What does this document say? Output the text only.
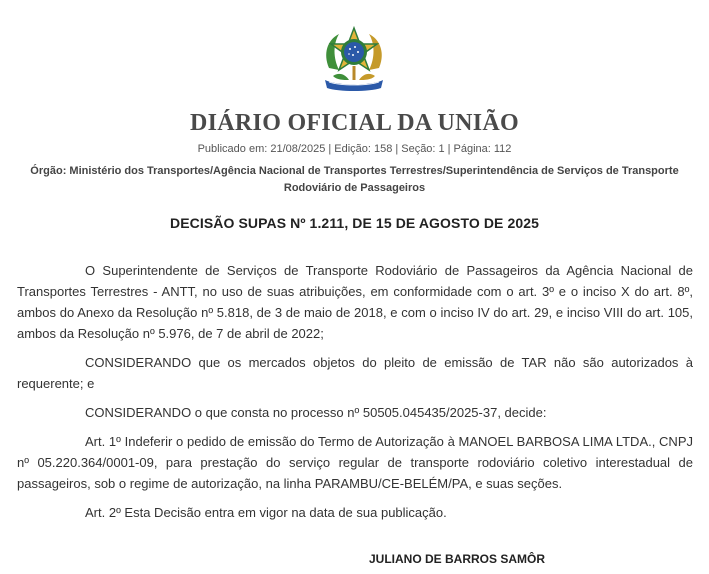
DIÁRIO OFICIAL DA UNIÃO
Publicado em: 21/08/2025 | Edição: 158 | Seção: 1 | Página: 112
Órgão: Ministério dos Transportes/Agência Nacional de Transportes Terrestres/Superintendência de Serviços de Transporte Rodoviário de Passageiros
DECISÃO SUPAS Nº 1.211, DE 15 DE AGOSTO DE 2025

O Superintendente de Serviços de Transporte Rodoviário de Passageiros da Agência Nacional de Transportes Terrestres - ANTT, no uso de suas atribuições, em conformidade com o art. 3º e o inciso X do art. 8º, ambos do Anexo da Resolução nº 5.818, de 3 de maio de 2018, e com o inciso IV do art. 29, e inciso VIII do art. 105, ambos da Resolução nº 5.976, de 7 de abril de 2022;

CONSIDERANDO que os mercados objetos do pleito de emissão de TAR não são autorizados à requerente; e

CONSIDERANDO o que consta no processo nº 50505.045435/2025-37, decide:

Art. 1º Indeferir o pedido de emissão do Termo de Autorização à MANOEL BARBOSA LIMA LTDA., CNPJ nº 05.220.364/0001-09, para prestação do serviço regular de transporte rodoviário coletivo interestadual de passageiros, sob o regime de autorização, na linha PARAMBU/CE-BELÉM/PA, e suas seções.

Art. 2º Esta Decisão entra em vigor na data de sua publicação.

JULIANO DE BARROS SAMÔR
